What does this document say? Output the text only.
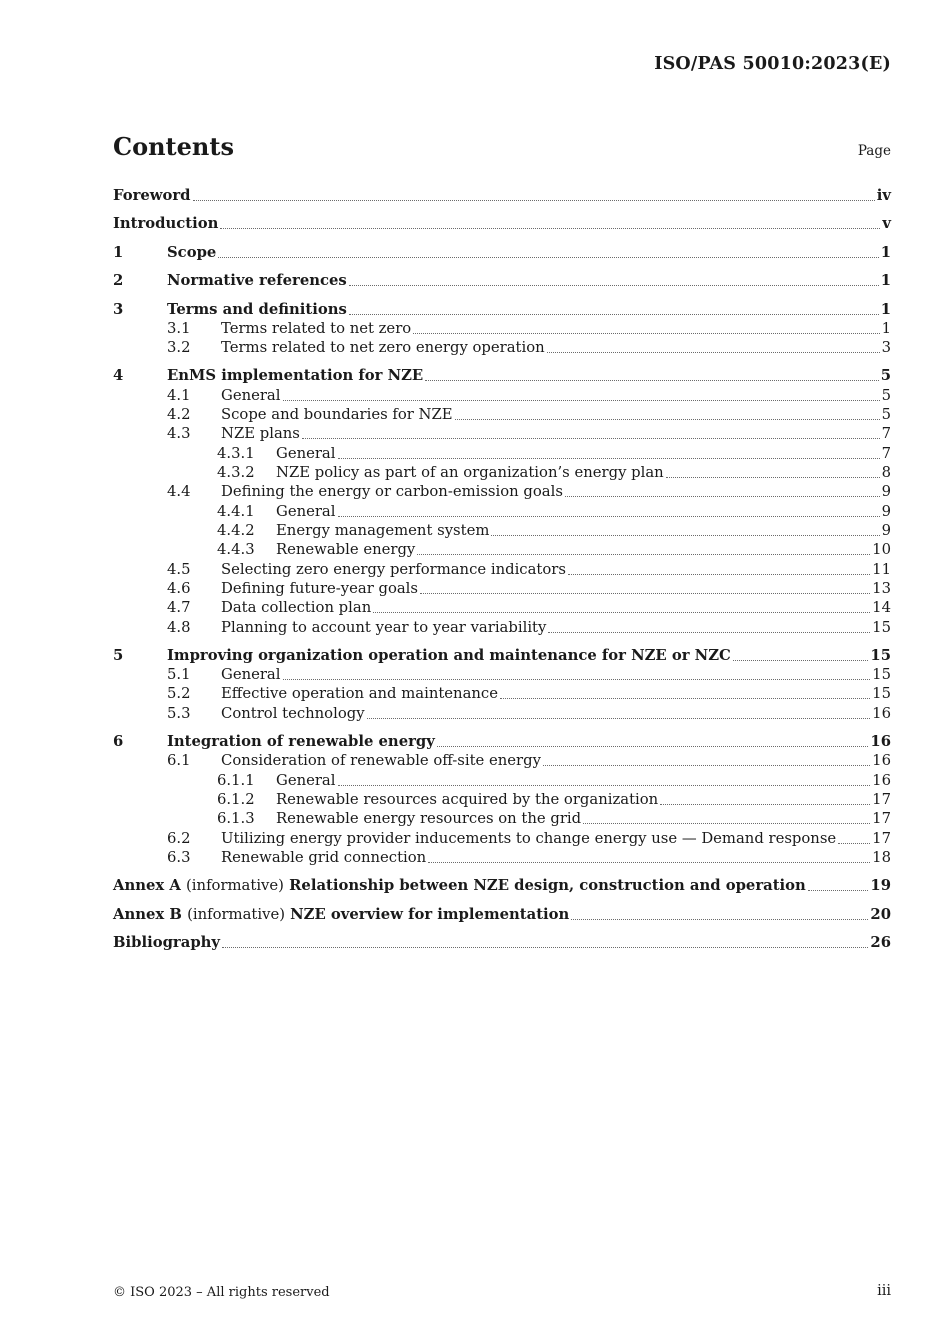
ISO/PAS 50010:2023(E)
Contents	Page
Foreword	iv
Introduction	v
1	Scope	1
2	Normative references	1
3	Terms and definitions	1
3.1	Terms related to net zero	1
3.2	Terms related to net zero energy operation	3
4	EnMS implementation for NZE	5
4.1	General	5
4.2	Scope and boundaries for NZE	5
4.3	NZE plans	7
4.3.1	General	7
4.3.2	NZE policy as part of an organization’s energy plan	8
4.4	Defining the energy or carbon-emission goals	9
4.4.1	General	9
4.4.2	Energy management system	9
4.4.3	Renewable energy	10
4.5	Selecting zero energy performance indicators	11
4.6	Defining future-year goals	13
4.7	Data collection plan	14
4.8	Planning to account year to year variability	15
5	Improving organization operation and maintenance for NZE or NZC	15
5.1	General	15
5.2	Effective operation and maintenance	15
5.3	Control technology	16
6	Integration of renewable energy	16
6.1	Consideration of renewable off-site energy	16
6.1.1	General	16
6.1.2	Renewable resources acquired by the organization	17
6.1.3	Renewable energy resources on the grid	17
6.2	Utilizing energy provider inducements to change energy use — Demand response 17
6.3	Renewable grid connection	18
Annex A (informative) Relationship between NZE design, construction and operation	19
Annex B (informative) NZE overview for implementation	20
Bibliography	26
© ISO 2023 – All rights reserved	iii
